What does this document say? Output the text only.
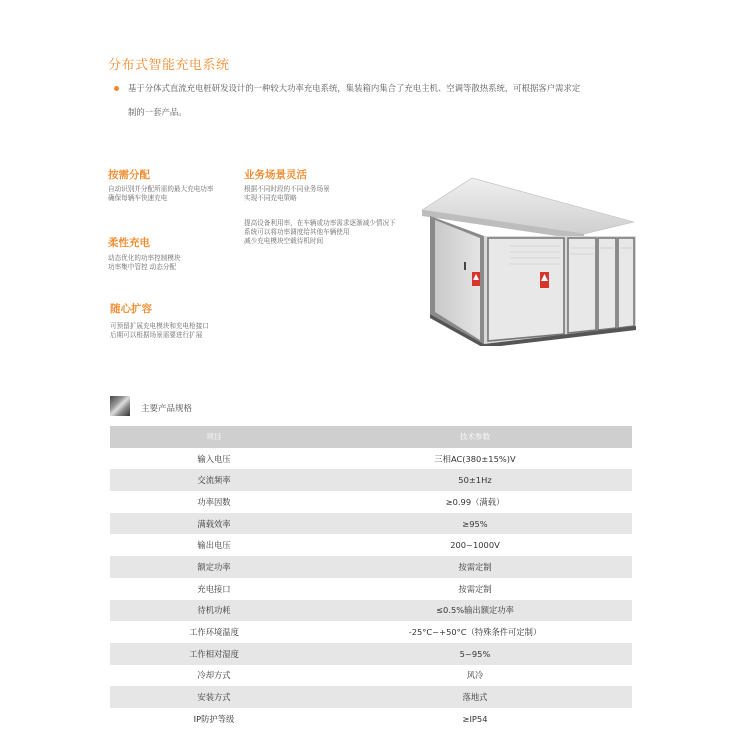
分布式智能充电系统
基于分体式直流充电桩研发设计的一种较大功率充电系统，集装箱内集合了充电主机、空调等散热系统，可根据客户需求定
制的一套产品。
按需分配
自动识别并分配所需的最大充电功率
确保每辆车快速充电
柔性充电
动态优化的功率控制模块
功率集中管控 动态分配
随心扩容
可预留扩展充电模块和充电枪接口
后期可以根据场景需要进行扩展
业务场景灵活
根据不同时段的不同业务场景
实现不同充电策略
提高设备利用率，在车辆或功率需求逐渐减少情况下
系统可以将功率调度给其他车辆使用
减少充电模块空载待机时间
主要产品规格
项目	技术参数
输入电压	三相AC(380±15%)V
交流频率	50±1Hz
功率因数	≥0.99（满载）
满载效率	≥95%
输出电压	200~1000V
额定功率	按需定制
充电接口	按需定制
待机功耗	≤0.5%输出额定功率
工作环境温度	-25°C~+50°C（特殊条件可定制）
工作相对湿度	5~95%
冷却方式	风冷
安装方式	落地式
IP防护等级	≥IP54
